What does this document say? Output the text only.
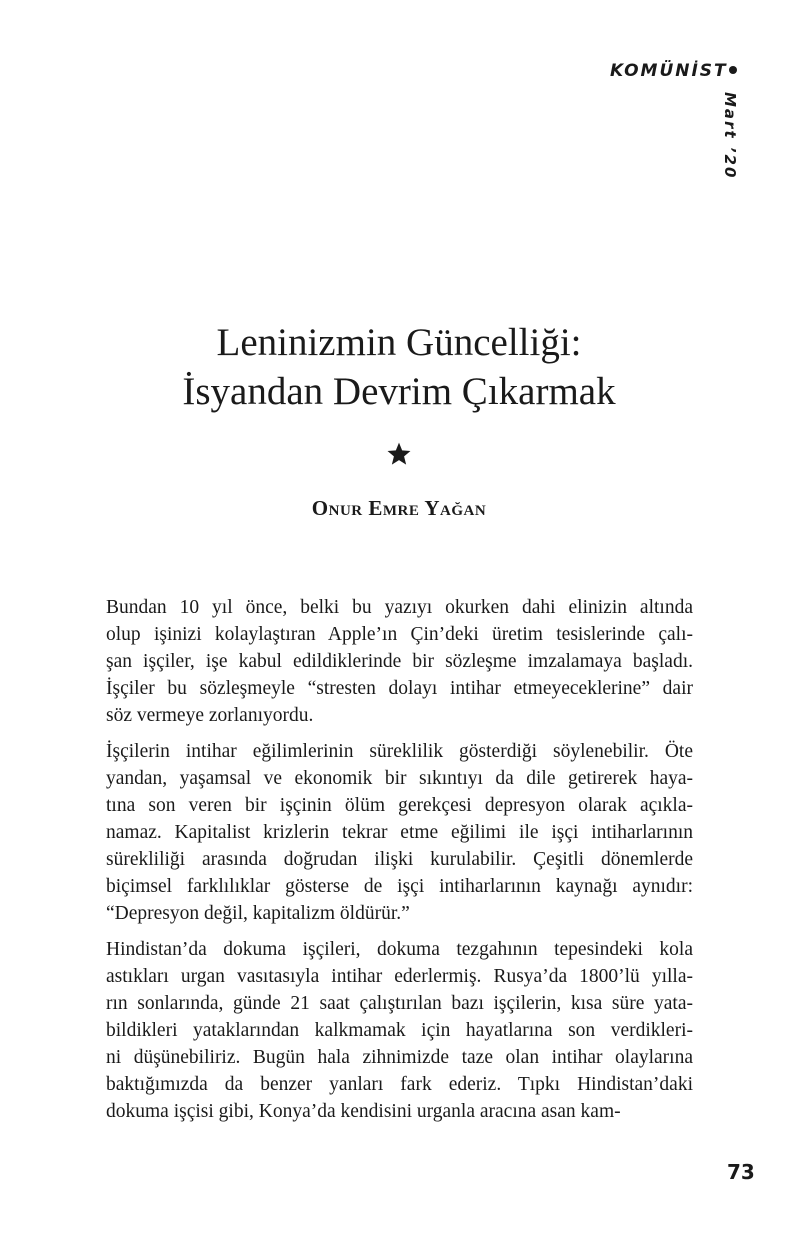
KOMÜNİST
Mart ’20
Leninizmin Güncelliği:
İsyandan Devrim Çıkarmak
Onur Emre Yağan
Bundan 10 yıl önce, belki bu yazıyı okurken dahi elinizin altında
olup işinizi kolaylaştıran Apple’ın Çin’deki üretim tesislerinde çalı-
şan işçiler, işe kabul edildiklerinde bir sözleşme imzalamaya başladı.
İşçiler bu sözleşmeyle “stresten dolayı intihar etmeyeceklerine” dair
söz vermeye zorlanıyordu.
İşçilerin intihar eğilimlerinin süreklilik gösterdiği söylenebilir. Öte
yandan, yaşamsal ve ekonomik bir sıkıntıyı da dile getirerek haya-
tına son veren bir işçinin ölüm gerekçesi depresyon olarak açıkla-
namaz. Kapitalist krizlerin tekrar etme eğilimi ile işçi intiharlarının
sürekliliği arasında doğrudan ilişki kurulabilir. Çeşitli dönemlerde
biçimsel farklılıklar gösterse de işçi intiharlarının kaynağı aynıdır:
“Depresyon değil, kapitalizm öldürür.”
Hindistan’da dokuma işçileri, dokuma tezgahının tepesindeki kola
astıkları urgan vasıtasıyla intihar ederlermiş. Rusya’da 1800’lü yılla-
rın sonlarında, günde 21 saat çalıştırılan bazı işçilerin, kısa süre yata-
bildikleri yataklarından kalkmamak için hayatlarına son verdikleri-
ni düşünebiliriz. Bugün hala zihnimizde taze olan intihar olaylarına
baktığımızda da benzer yanları fark ederiz. Tıpkı Hindistan’daki
dokuma işçisi gibi, Konya’da kendisini urganla aracına asan kam-
73
